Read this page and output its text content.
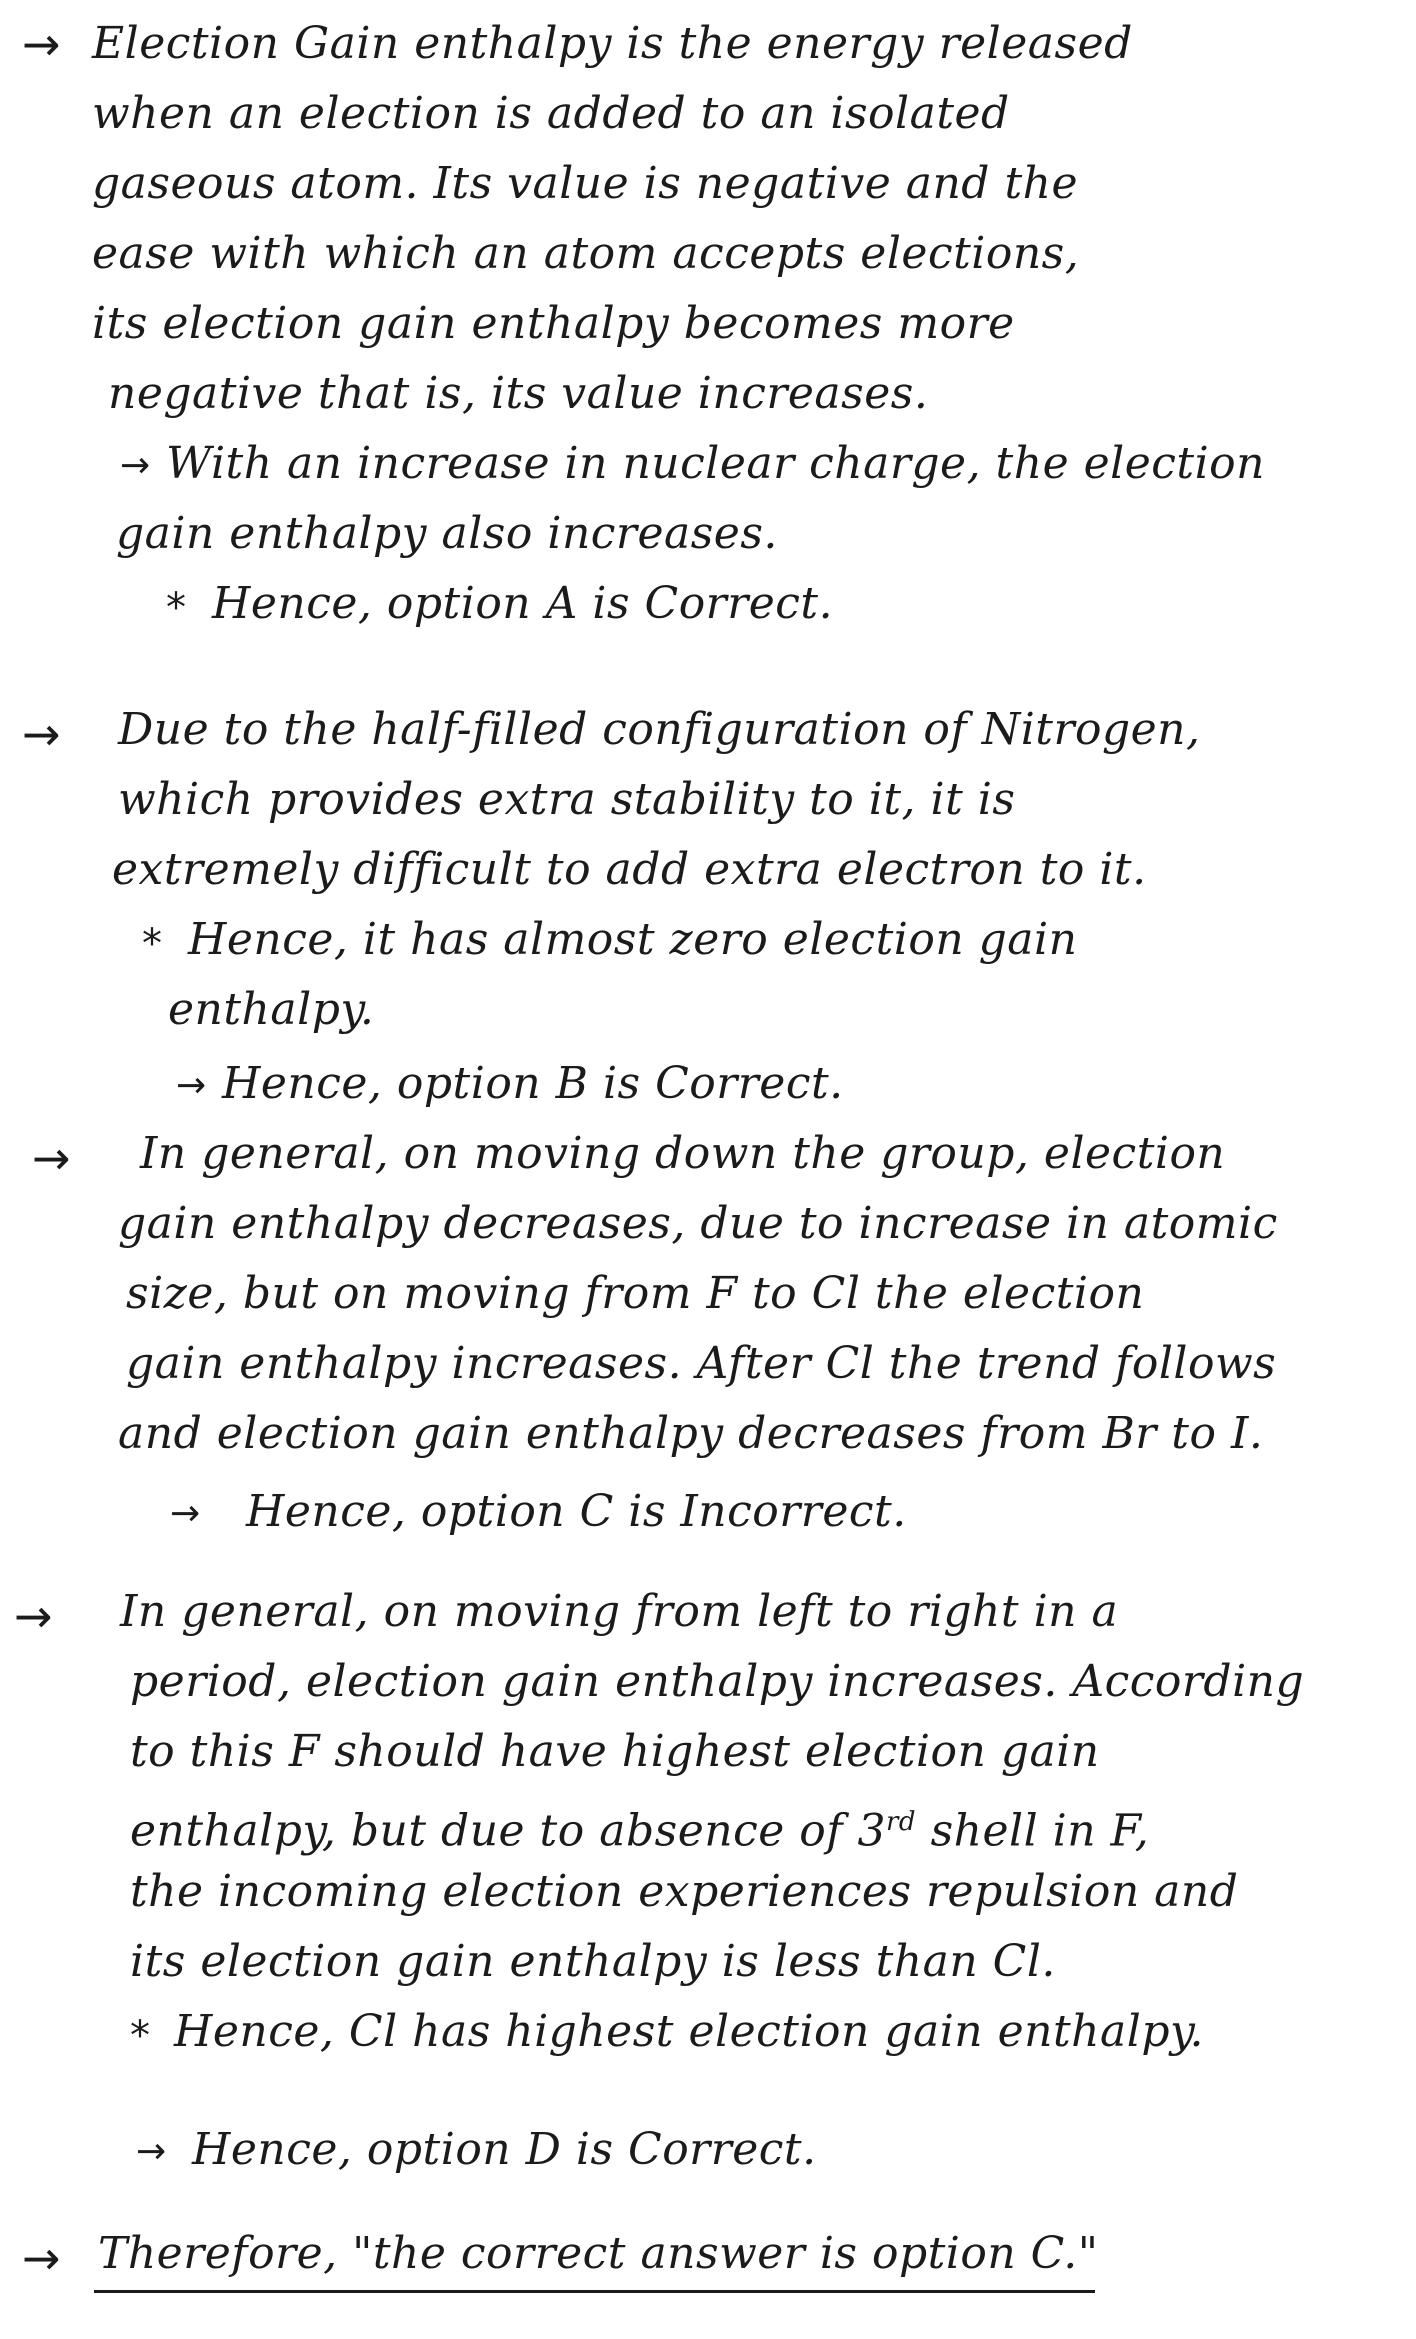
→ Election Gain enthalpy is the energy released
when an election is added to an isolated
gaseous atom. Its value is negative and the
ease with which an atom accepts elections,
its election gain enthalpy becomes more
negative that is, its value increases.
→ With an increase in nuclear charge, the election
gain enthalpy also increases.
* Hence, option A is Correct.
→ Due to the half-filled configuration of Nitrogen,
which provides extra stability to it, it is
extremely difficult to add extra electron to it.
* Hence, it has almost zero election gain
enthalpy.
→ Hence, option B is Correct.
→ In general, on moving down the group, election
gain enthalpy decreases, due to increase in atomic
size, but on moving from F to Cl the election
gain enthalpy increases. After Cl the trend follows
and election gain enthalpy decreases from Br to I.
→ Hence, option C is Incorrect.
→ In general, on moving from left to right in a
period, election gain enthalpy increases. According
to this F should have highest election gain
enthalpy, but due to absence of 3rd shell in F,
the incoming election experiences repulsion and
its election gain enthalpy is less than Cl.
* Hence, Cl has highest election gain enthalpy.
→ Hence, option D is Correct.
→ Therefore, "the correct answer is option C."
